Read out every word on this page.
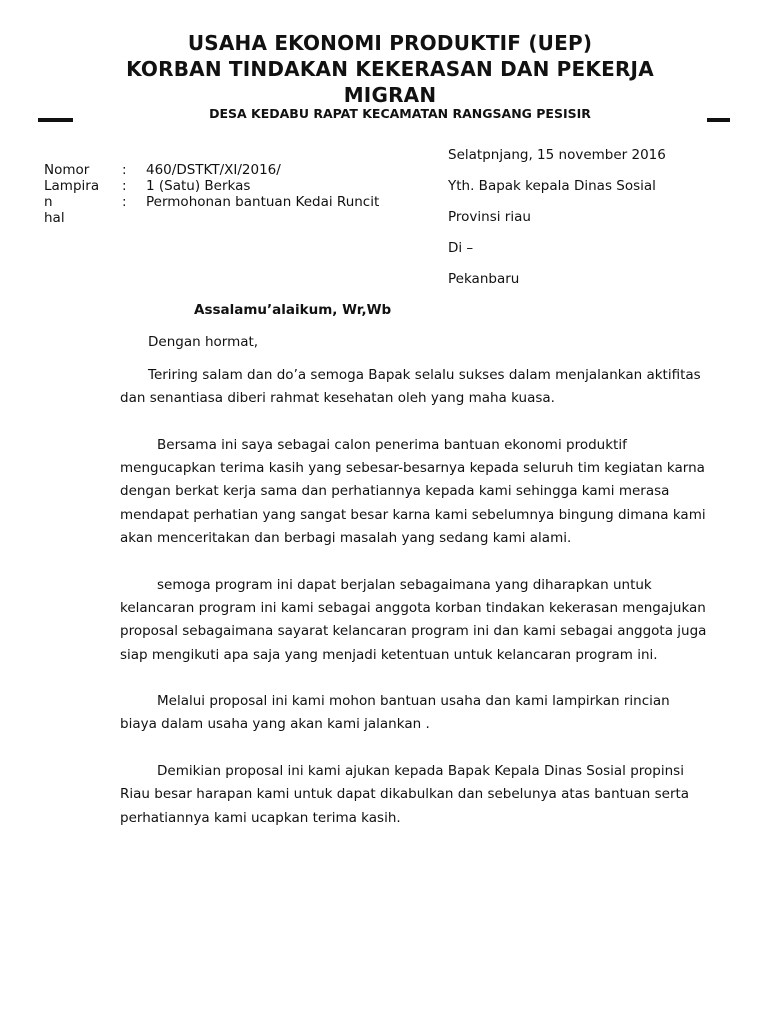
USAHA EKONOMI PRODUKTIF (UEP)
KORBAN TINDAKAN KEKERASAN DAN PEKERJA
MIGRAN
DESA KEDABU RAPAT KECAMATAN RANGSANG PESISIR
Nomor	: 460/DSTKT/XI/2016/
Lampiran
: 1 (Satu) Berkas
: Permohonan bantuan Kedai Runcit
hal
Selatpnjang, 15 november 2016
Yth. Bapak kepala Dinas Sosial
Provinsi riau
Di –
Pekanbaru
Assalamu’alaikum, Wr,Wb
Dengan hormat,

Teriring salam dan do’a semoga Bapak selalu sukses dalam menjalankan aktifitas dan senantiasa diberi rahmat kesehatan oleh yang maha kuasa.

Bersama ini saya sebagai calon penerima bantuan ekonomi produktif mengucapkan terima kasih yang sebesar-besarnya kepada seluruh tim kegiatan karna dengan berkat kerja sama dan perhatiannya kepada kami sehingga kami merasa mendapat perhatian yang sangat besar karna kami sebelumnya bingung dimana kami akan menceritakan dan berbagi masalah yang sedang kami alami.

semoga program ini dapat berjalan sebagaimana yang diharapkan untuk kelancaran program ini kami sebagai anggota korban tindakan kekerasan mengajukan proposal sebagaimana sayarat kelancaran program ini dan kami sebagai anggota juga siap mengikuti apa saja yang menjadi ketentuan untuk kelancaran program ini.

Melalui proposal ini kami mohon bantuan usaha dan kami lampirkan rincian biaya dalam usaha yang akan kami jalankan .

Demikian proposal ini kami ajukan kepada Bapak Kepala Dinas Sosial propinsi Riau besar harapan kami untuk dapat dikabulkan dan sebelunya atas bantuan serta perhatiannya kami ucapkan terima kasih.
